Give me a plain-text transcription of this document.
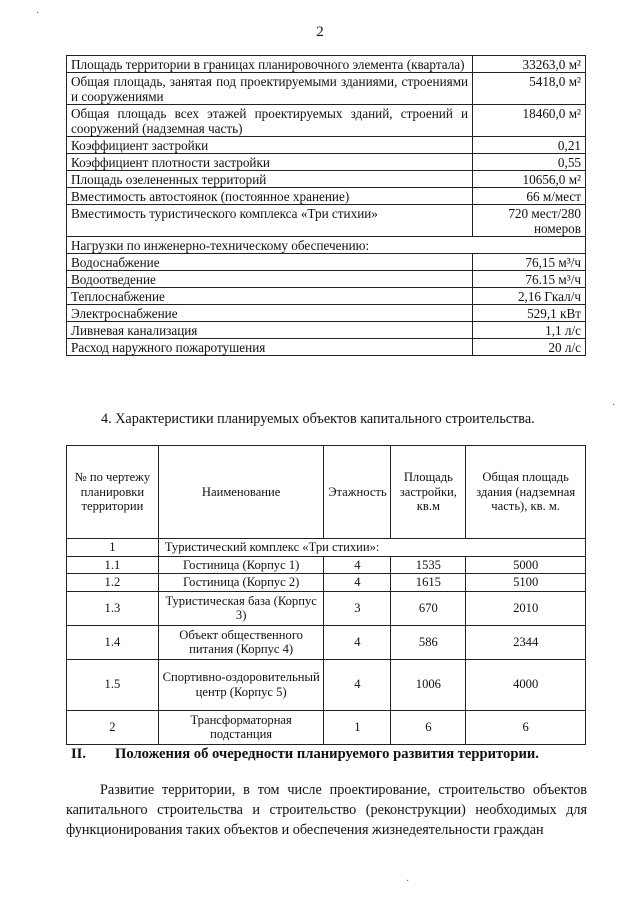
2
Площадь территории в границах планировочного элемента (квартала)	33263,0 м²
Общая площадь, занятая под проектируемыми зданиями, строениями и сооружениями	5418,0 м²
Общая площадь всех этажей проектируемых зданий, строений и сооружений (надземная часть)	18460,0 м²
Коэффициент застройки	0,21
Коэффициент плотности застройки	0,55
Площадь озелененных территорий	10656,0 м²
Вместимость автостоянок (постоянное хранение)	66 м/мест
Вместимость туристического комплекса «Три стихии»	720 мест/280 номеров
Нагрузки по инженерно-техническому обеспечению:	
Водоснабжение	76,15 м³/ч
Водоотведение	76.15 м³/ч
Теплоснабжение	2,16 Гкал/ч
Электроснабжение	529,1 кВт
Ливневая канализация	1,1 л/с
Расход наружного пожаротушения	20 л/с
4. Характеристики планируемых объектов капитального строительства.
№ по чертежу планировки территории	Наименование	Этажность	Площадь застройки, кв.м	Общая площадь здания (надземная часть), кв. м.
1	Туристический комплекс «Три стихии»:			
1.1	Гостиница (Корпус 1)	4	1535	5000
1.2	Гостиница (Корпус 2)	4	1615	5100
1.3	Туристическая база (Корпус 3)	3	670	2010
1.4	Объект общественного питания (Корпус 4)	4	586	2344
1.5	Спортивно-оздоровительный центр (Корпус 5)	4	1006	4000
2	Трансформаторная подстанция	1	6	6
II. Положения об очередности планируемого развития территории.

Развитие территории, в том числе проектирование, строительство объектов капитального строительства и строительство (реконструкции) необходимых для функционирования таких объектов и обеспечения жизнедеятельности граждан

·
·
·
